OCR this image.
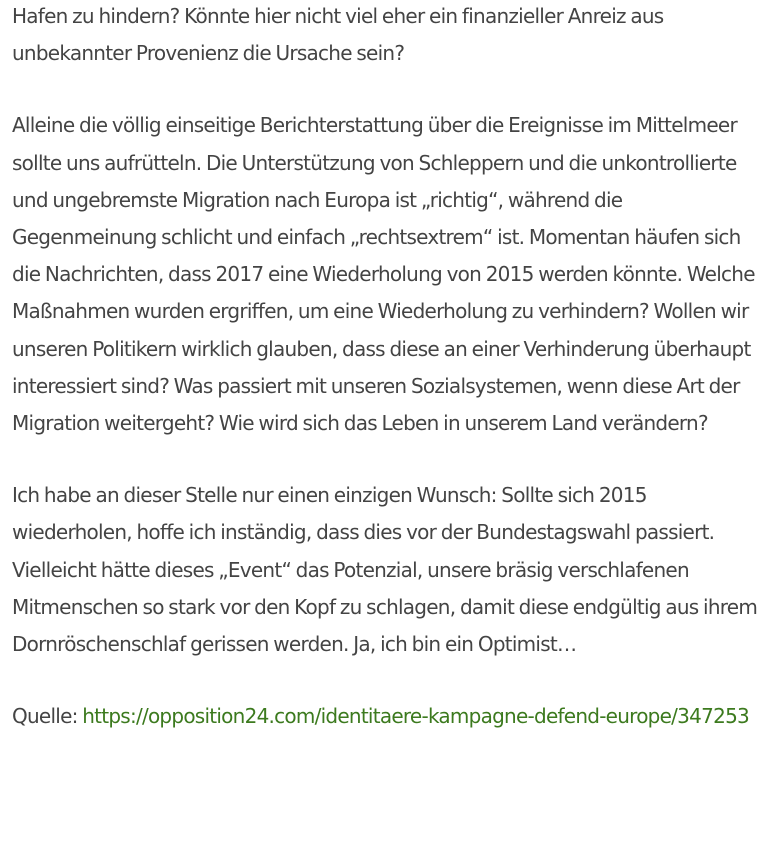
Hafen zu hindern? Könnte hier nicht viel eher ein finanzieller Anreiz aus unbekannter Provenienz die Ursache sein?

Alleine die völlig einseitige Berichterstattung über die Ereignisse im Mittelmeer sollte uns aufrütteln. Die Unterstützung von Schleppern und die unkontrollierte und ungebremste Migration nach Europa ist „richtig“, während die Gegenmeinung schlicht und einfach „rechtsextrem“ ist. Momentan häufen sich die Nachrichten, dass 2017 eine Wiederholung von 2015 werden könnte. Welche Maßnahmen wurden ergriffen, um eine Wiederholung zu verhindern? Wollen wir unseren Politikern wirklich glauben, dass diese an einer Verhinderung überhaupt interessiert sind? Was passiert mit unseren Sozialsystemen, wenn diese Art der Migration weitergeht? Wie wird sich das Leben in unserem Land verändern?

Ich habe an dieser Stelle nur einen einzigen Wunsch: Sollte sich 2015 wiederholen, hoffe ich inständig, dass dies vor der Bundestagswahl passiert. Vielleicht hätte dieses „Event“ das Potenzial, unsere bräsig verschlafenen Mitmenschen so stark vor den Kopf zu schlagen, damit diese endgültig aus ihrem Dornröschenschlaf gerissen werden. Ja, ich bin ein Optimist…

Quelle: https://opposition24.com/identitaere-kampagne-defend-europe/347253
